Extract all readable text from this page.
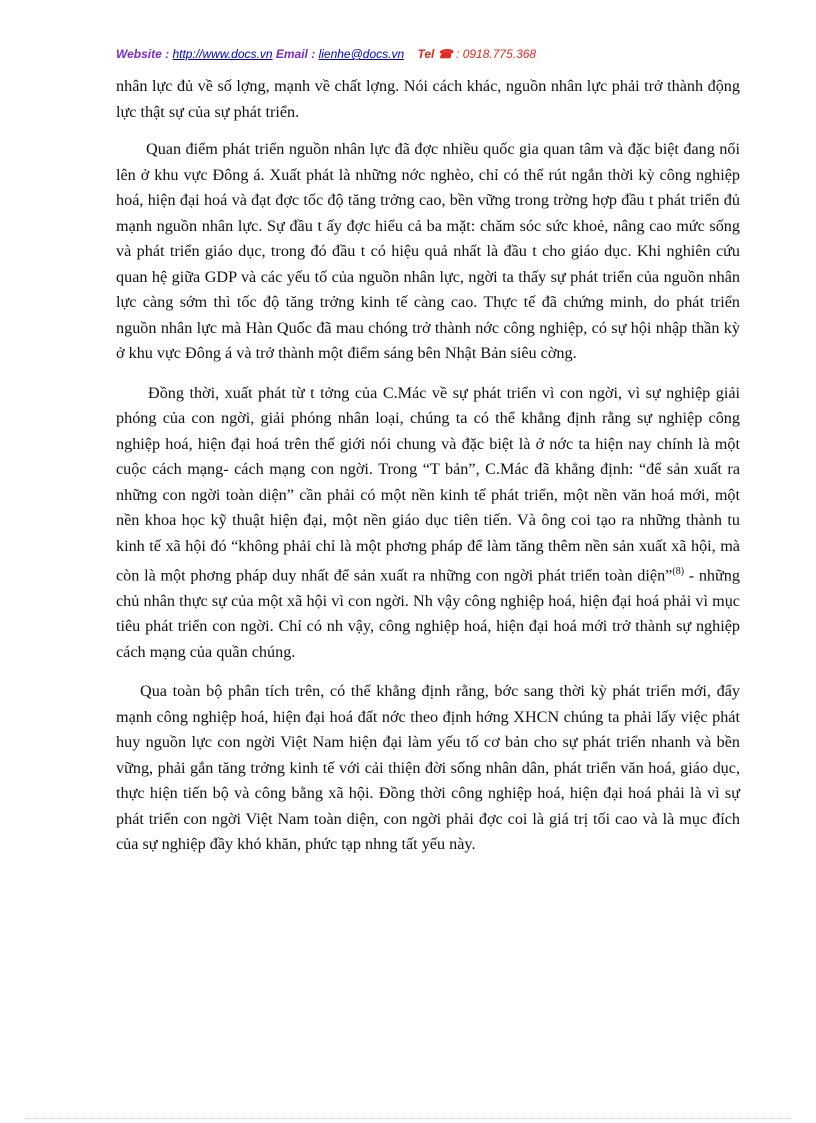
Website : http://www.docs.vn Email : lienhe@docs.vn Tel ☎ : 0918.775.368

nhân lực đủ về số lợng, mạnh về chất lợng. Nói cách khác, nguồn nhân lực phải trở thành động lực thật sự của sự phát triển.

Quan điểm phát triển nguồn nhân lực đã đợc nhiều quốc gia quan tâm và đặc biệt đang nổi lên ở khu vực Đông á. Xuất phát là những nớc nghèo, chỉ có thể rút ngắn thời kỳ công nghiệp hoá, hiện đại hoá và đạt đợc tốc độ tăng trởng cao, bền vững trong trờng hợp đầu t phát triển đủ mạnh nguồn nhân lực. Sự đầu t ấy đợc hiểu cả ba mặt: chăm sóc sức khoẻ, nâng cao mức sống và phát triển giáo dục, trong đó đầu t có hiệu quả nhất là đầu t cho giáo dục. Khi nghiên cứu quan hệ giữa GDP và các yếu tố của nguồn nhân lực, ngời ta thấy sự phát triển của nguồn nhân lực càng sớm thì tốc độ tăng trởng kinh tế càng cao. Thực tế đã chứng minh, do phát triển nguồn nhân lực mà Hàn Quốc đã mau chóng trở thành nớc công nghiệp, có sự hội nhập thần kỳ ở khu vực Đông á và trở thành một điểm sáng bên Nhật Bản siêu cờng.

Đồng thời, xuất phát từ t tởng của C.Mác về sự phát triển vì con ngời, vì sự nghiệp giải phóng của con ngời, giải phóng nhân loại, chúng ta có thể khẳng định rằng sự nghiệp công nghiệp hoá, hiện đại hoá trên thế giới nói chung và đặc biệt là ở nớc ta hiện nay chính là một cuộc cách mạng- cách mạng con ngời. Trong “T bản”, C.Mác đã khẳng định: “để sản xuất ra những con ngời toàn diện” cần phải có một nền kinh tế phát triển, một nền văn hoá mới, một nền khoa học kỹ thuật hiện đại, một nền giáo dục tiên tiến. Và ông coi tạo ra những thành tu kinh tế xã hội đó “không phải chỉ là một phơng pháp để làm tăng thêm nền sản xuất xã hội, mà còn là một phơng pháp duy nhất để sản xuất ra những con ngời phát triển toàn diện”$^{(8)}$ - những chủ nhân thực sự của một xã hội vì con ngời. Nh vậy công nghiệp hoá, hiện đại hoá phải vì mục tiêu phát triển con ngời. Chỉ có nh vậy, công nghiệp hoá, hiện đại hoá mới trở thành sự nghiệp cách mạng của quần chúng.

Qua toàn bộ phân tích trên, có thể khẳng định rằng, bớc sang thời kỳ phát triển mới, đẩy mạnh công nghiệp hoá, hiện đại hoá đất nớc theo định hớng XHCN chúng ta phải lấy việc phát huy nguồn lực con ngời Việt Nam hiện đại làm yếu tố cơ bản cho sự phát triển nhanh và bền vững, phải gắn tăng trởng kinh tế với cải thiện đời sống nhân dân, phát triển văn hoá, giáo dục, thực hiện tiến bộ và công bằng xã hội. Đồng thời công nghiệp hoá, hiện đại hoá phải là vì sự phát triển con ngời Việt Nam toàn diện, con ngời phải đợc coi là giá trị tối cao và là mục đích của sự nghiệp đầy khó khăn, phức tạp nhng tất yếu này.
